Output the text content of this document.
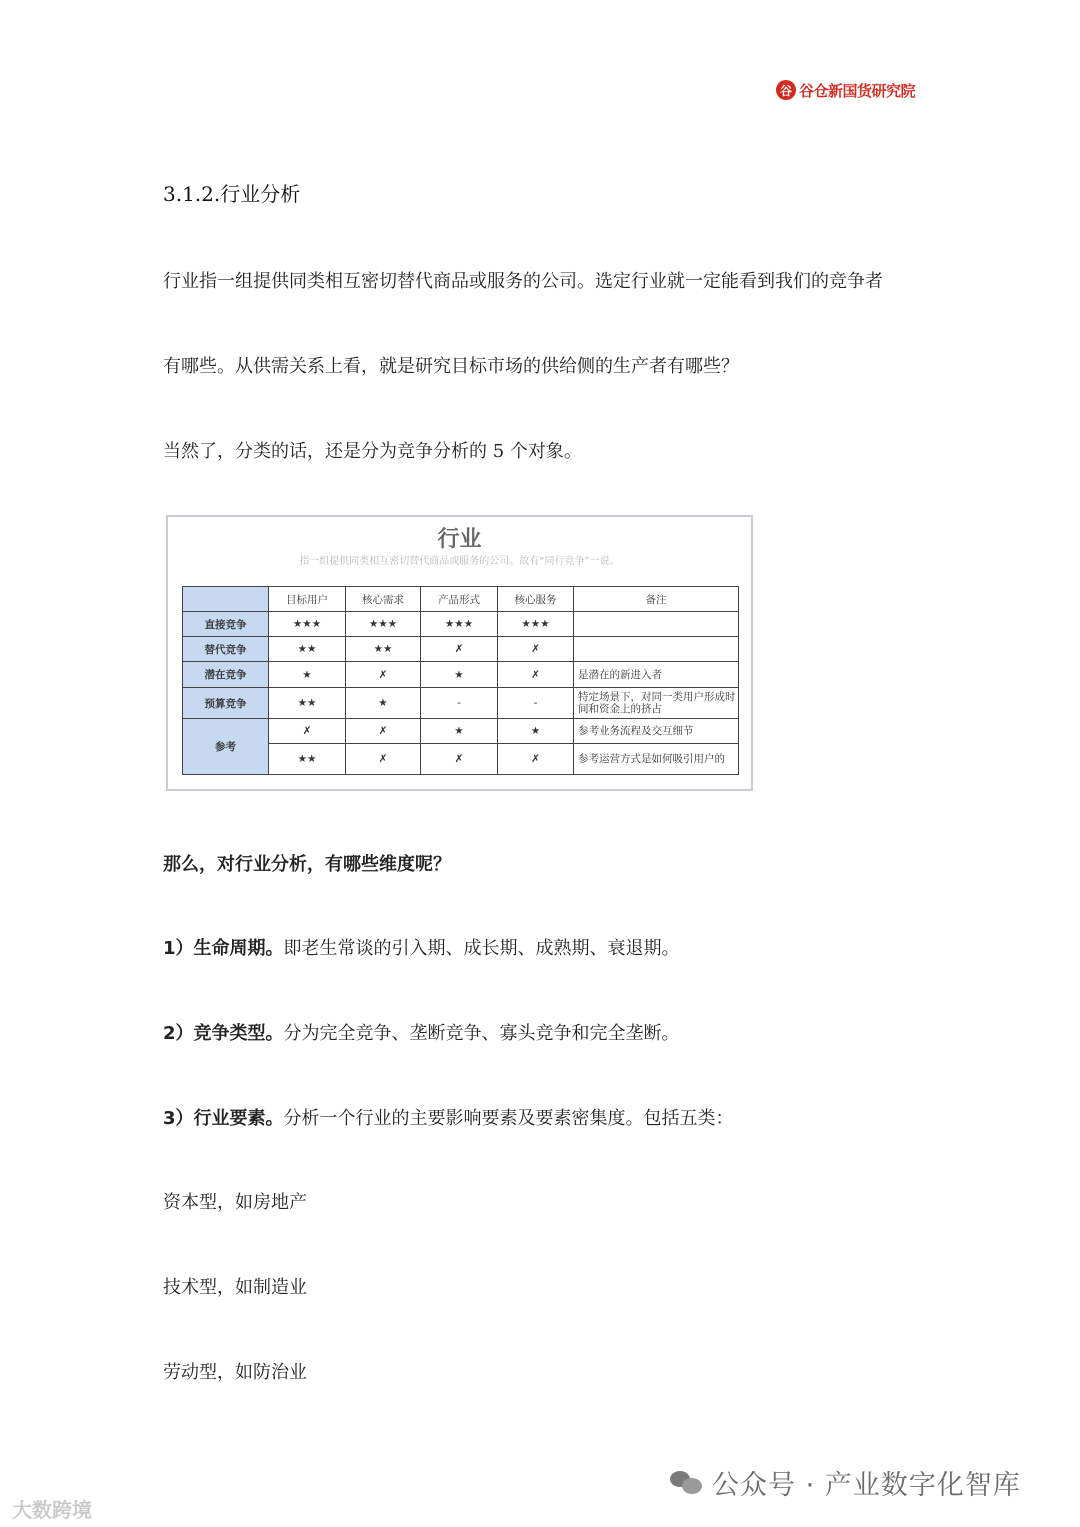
谷 谷仓新国货研究院
3.1.2.行业分析
行业指一组提供同类相互密切替代商品或服务的公司。选定行业就一定能看到我们的竞争者
有哪些。从供需关系上看，就是研究目标市场的供给侧的生产者有哪些？
当然了，分类的话，还是分为竞争分析的 5 个对象。
行业
指一组提供同类相互密切替代商品或服务的公司。故有“同行竞争”一说。
	目标用户	核心需求	产品形式	核心服务	备注
直接竞争	★★★	★★★	★★★	★★★	
替代竞争	★★	★★	✗	✗	
潜在竞争	★	✗	★	✗	是潜在的新进入者
预算竞争	★★	★	-	-	特定场景下，对同一类用户形成时间和资金上的挤占
参考	✗	✗	★	★	参考业务流程及交互细节
	★★	✗	✗	✗	参考运营方式是如何吸引用户的
那么，对行业分析，有哪些维度呢？
1）生命周期。即老生常谈的引入期、成长期、成熟期、衰退期。
2）竞争类型。分为完全竞争、垄断竞争、寡头竞争和完全垄断。
3）行业要素。分析一个行业的主要影响要素及要素密集度。包括五类：
资本型，如房地产
技术型，如制造业
劳动型，如防治业
公众号 · 产业数字化智库
大数跨境
